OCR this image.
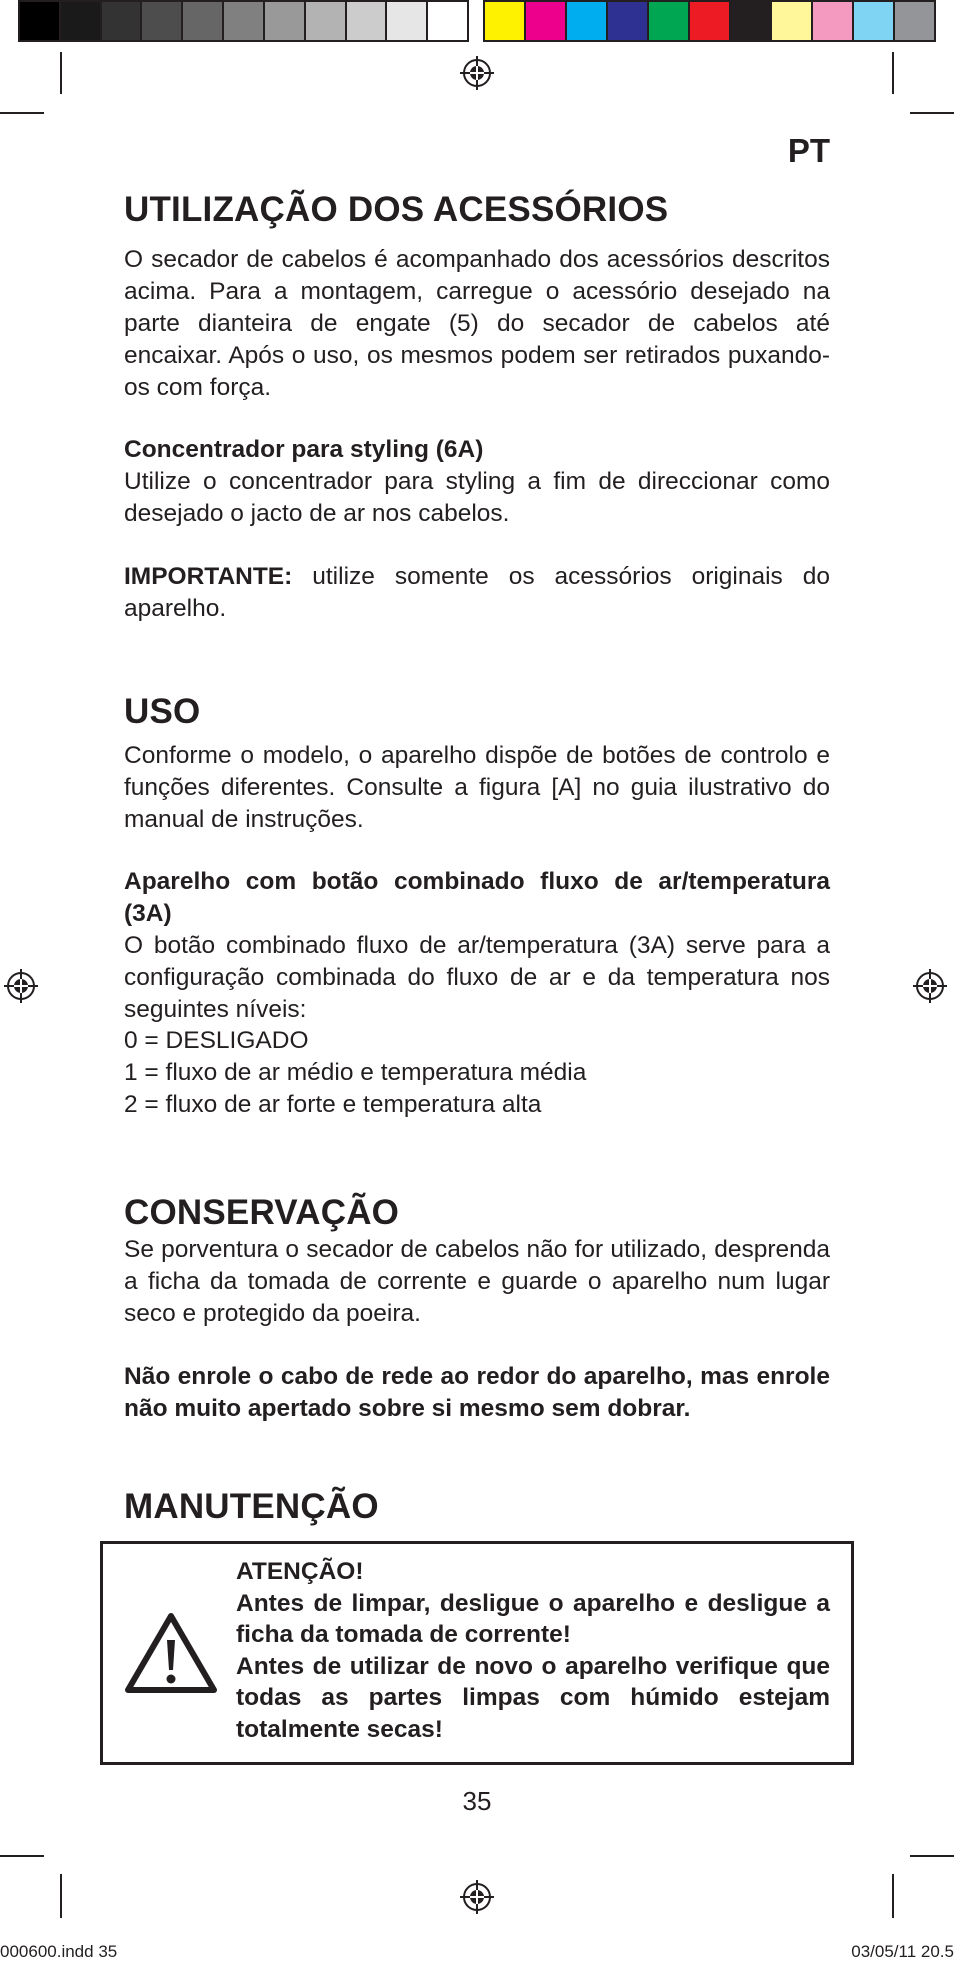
PT
UTILIZAÇÃO DOS ACESSÓRIOS

O secador de cabelos é acompanhado dos acessórios descritos acima. Para a montagem, carregue o acessório desejado na parte dianteira de engate (5) do secador de cabelos até encaixar. Após o uso, os mesmos podem ser retirados puxando-os com força.

Concentrador para styling (6A)

Utilize o concentrador para styling a fim de direccionar como desejado o jacto de ar nos cabelos.

IMPORTANTE: utilize somente os acessórios originais do aparelho.

USO

Conforme o modelo, o aparelho dispõe de botões de controlo e funções diferentes. Consulte a figura [A] no guia ilustrativo do manual de instruções.

Aparelho com botão combinado fluxo de ar/temperatura (3A)

O botão combinado fluxo de ar/temperatura (3A) serve para a configuração combinada do fluxo de ar e da temperatura nos seguintes níveis:

0 = DESLIGADO

1 = fluxo de ar médio e temperatura média

2 = fluxo de ar forte e temperatura alta

CONSERVAÇÃO

Se porventura o secador de cabelos não for utilizado, desprenda a ficha da tomada de corrente e guarde o aparelho num lugar seco e protegido da poeira.

Não enrole o cabo de rede ao redor do aparelho, mas enrole não muito apertado sobre si mesmo sem dobrar.

MANUTENÇÃO
ATENÇÃO!
Antes de limpar, desligue o aparelho e desligue a ficha da tomada de corrente!
Antes de utilizar de novo o aparelho verifique que todas as partes limpas com húmido estejam totalmente secas!
35
000600.indd 35	03/05/11 20.5
